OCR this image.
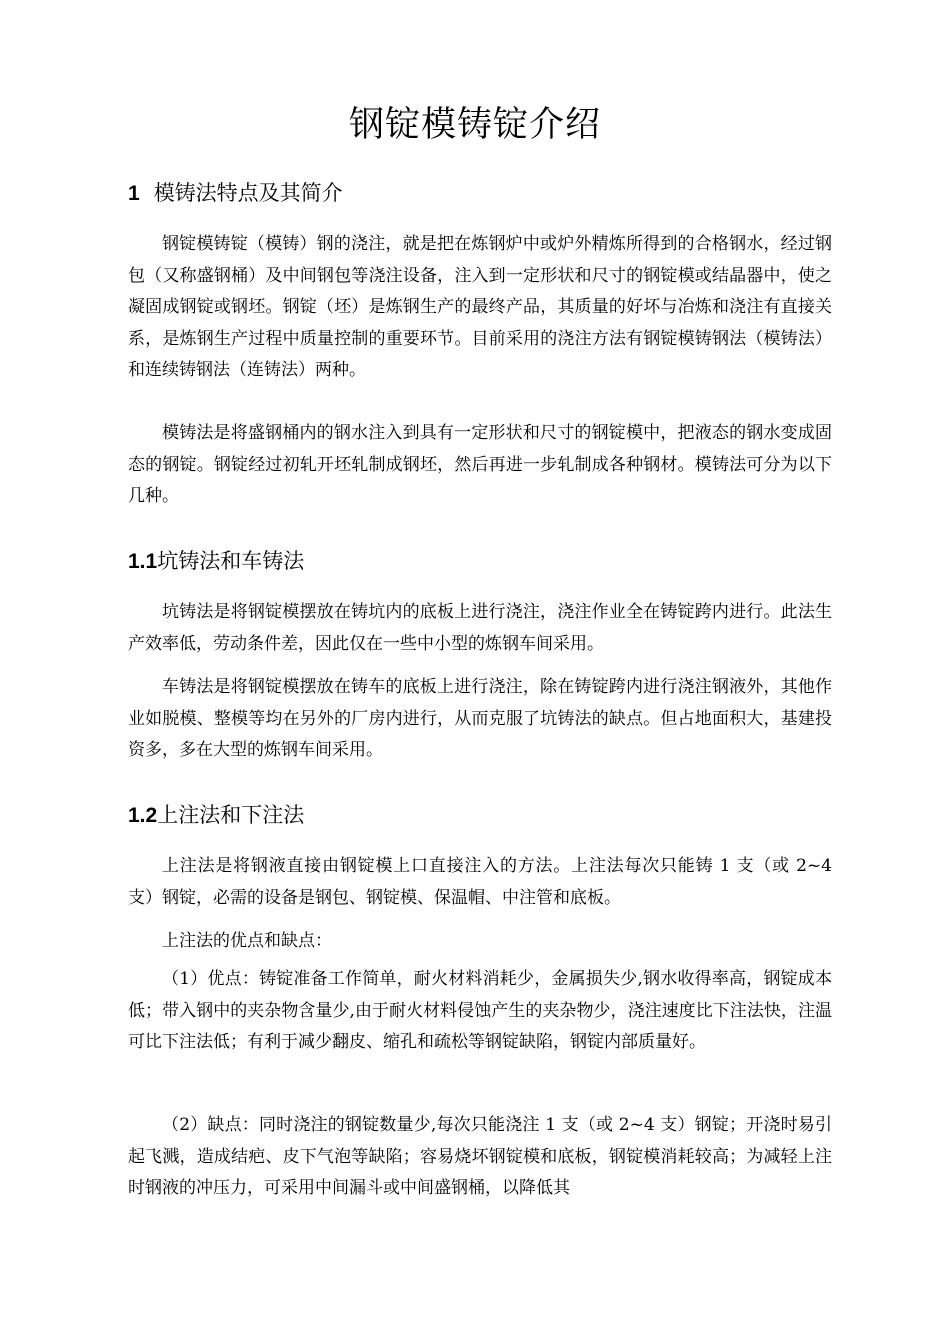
钢锭模铸锭介绍
1 模铸法特点及其简介
钢锭模铸锭（模铸）钢的浇注，就是把在炼钢炉中或炉外精炼所得到的合格钢水，经过钢包（又称盛钢桶）及中间钢包等浇注设备，注入到一定形状和尺寸的钢锭模或结晶器中，使之凝固成钢锭或钢坯。钢锭（坯）是炼钢生产的最终产品，其质量的好坏与冶炼和浇注有直接关系，是炼钢生产过程中质量控制的重要环节。目前采用的浇注方法有钢锭模铸钢法（模铸法）和连续铸钢法（连铸法）两种。
模铸法是将盛钢桶内的钢水注入到具有一定形状和尺寸的钢锭模中，把液态的钢水变成固态的钢锭。钢锭经过初轧开坯轧制成钢坯，然后再进一步轧制成各种钢材。模铸法可分为以下几种。
1.1坑铸法和车铸法
坑铸法是将钢锭模摆放在铸坑内的底板上进行浇注，浇注作业全在铸锭跨内进行。此法生产效率低，劳动条件差，因此仅在一些中小型的炼钢车间采用。
车铸法是将钢锭模摆放在铸车的底板上进行浇注，除在铸锭跨内进行浇注钢液外，其他作业如脱模、整模等均在另外的厂房内进行，从而克服了坑铸法的缺点。但占地面积大，基建投资多，多在大型的炼钢车间采用。
1.2上注法和下注法
上注法是将钢液直接由钢锭模上口直接注入的方法。上注法每次只能铸 1 支（或 2~4 支）钢锭，必需的设备是钢包、钢锭模、保温帽、中注管和底板。
上注法的优点和缺点：
（1）优点：铸锭准备工作简单，耐火材料消耗少，金属损失少,钢水收得率高，钢锭成本低；带入钢中的夹杂物含量少,由于耐火材料侵蚀产生的夹杂物少，浇注速度比下注法快，注温可比下注法低；有利于减少翻皮、缩孔和疏松等钢锭缺陷，钢锭内部质量好。
（2）缺点：同时浇注的钢锭数量少,每次只能浇注 1 支（或 2~4 支）钢锭；开浇时易引起飞溅，造成结疤、皮下气泡等缺陷；容易烧坏钢锭模和底板，钢锭模消耗较高；为减轻上注时钢液的冲压力，可采用中间漏斗或中间盛钢桶，以降低其
